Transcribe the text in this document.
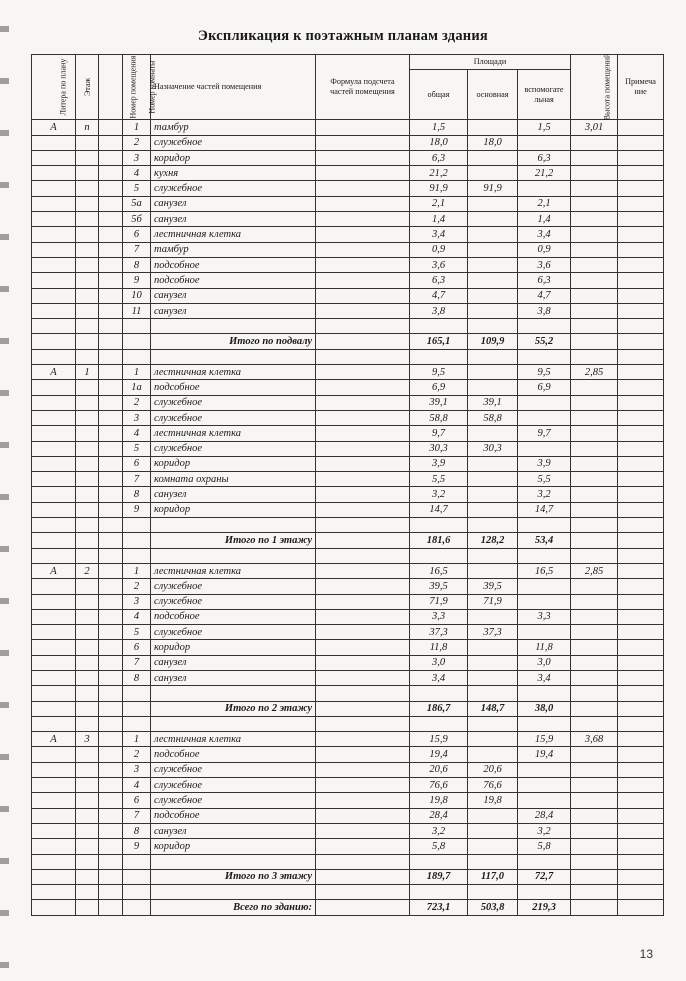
Экспликация к поэтажным планам здания
Литера по плану	Этаж	Номер помещения	Номер комнаты	Назначение частей помещения	Формула подсчета частей помещения	Площади			Высота помещений	Примеча ние
						общая	основная	вспомогате льная		
А	п		1	тамбур		1,5		1,5	3,01	
			2	служебное		18,0	18,0			
			3	коридор		6,3		6,3		
			4	кухня		21,2		21,2		
			5	служебное		91,9	91,9			
			5а	санузел		2,1		2,1		
			5б	санузел		1,4		1,4		
			6	лестничная клетка		3,4		3,4		
			7	тамбур		0,9		0,9		
			8	подсобное		3,6		3,6		
			9	подсобное		6,3		6,3		
			10	санузел		4,7		4,7		
			11	санузел		3,8		3,8		

				Итого по подвалу		165,1	109,9	55,2		

А	1		1	лестничная клетка		9,5		9,5	2,85	
			1а	подсобное		6,9		6,9		
			2	служебное		39,1	39,1			
			3	служебное		58,8	58,8			
			4	лестничная клетка		9,7		9,7		
			5	служебное		30,3	30,3			
			6	коридор		3,9		3,9		
			7	комната охраны		5,5		5,5		
			8	санузел		3,2		3,2		
			9	коридор		14,7		14,7		

				Итого по 1 этажу		181,6	128,2	53,4		

А	2		1	лестничная клетка		16,5		16,5	2,85	
			2	служебное		39,5	39,5			
			3	служебное		71,9	71,9			
			4	подсобное		3,3		3,3		
			5	служебное		37,3	37,3			
			6	коридор		11,8		11,8		
			7	санузел		3,0		3,0		
			8	санузел		3,4		3,4		

				Итого по 2 этажу		186,7	148,7	38,0		

А	3		1	лестничная клетка		15,9		15,9	3,68	
			2	подсобное		19,4		19,4		
			3	служебное		20,6	20,6			
			4	служебное		76,6	76,6			
			6	служебное		19,8	19,8			
			7	подсобное		28,4		28,4		
			8	санузел		3,2		3,2		
			9	коридор		5,8		5,8		

				Итого по 3 этажу		189,7	117,0	72,7		

				Всего по зданию:		723,1	503,8	219,3		
13
